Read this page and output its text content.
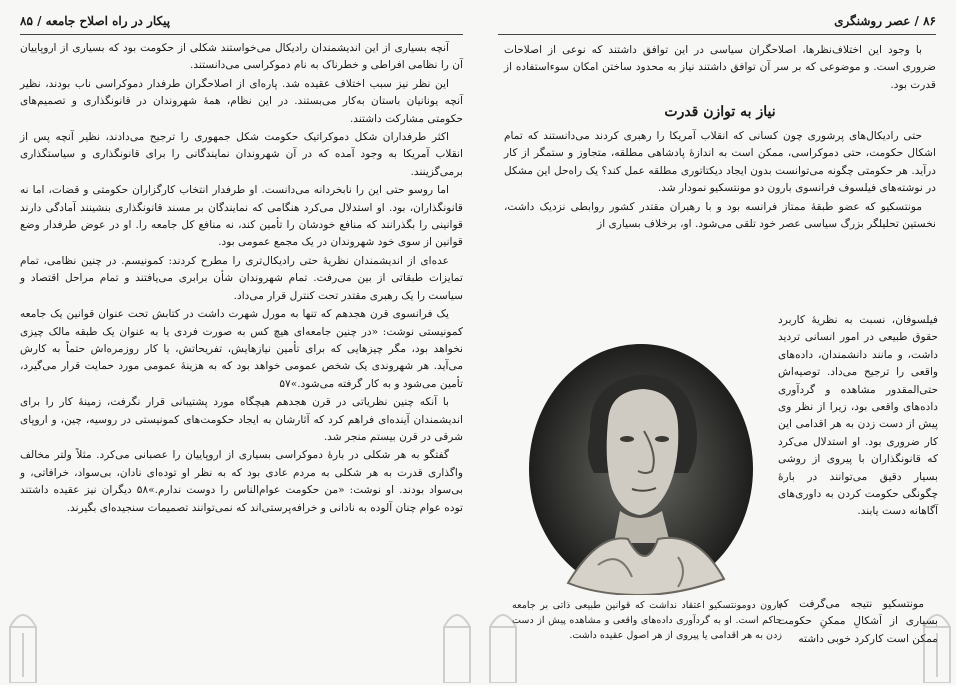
پیکار در راه اصلاح جامعه / ۸۵

آنچه بسیاری از این اندیشمندان رادیکال می‌خواستند شکلی از حکومت بود که بسیاری از اروپاییان آن را نظامی افراطی و خطرناک به نام دموکراسی می‌دانستند.

این نظر نیز سبب اختلاف عقیده شد. پاره‌ای از اصلاحگران طرفدار دموکراسی ناب بودند، نظیر آنچه یونانیان باستان به‌کار می‌بستند. در این نظام، همهٔ شهروندان در قانونگذاری و تصمیم‌های حکومتی مشارکت داشتند.

اکثر طرفداران شکل دموکراتیک حکومت شکل جمهوری را ترجیح می‌دادند، نظیر آنچه پس از انقلاب آمریکا به وجود آمده که در آن شهروندان نمایندگانی را برای قانونگذاری و سیاستگذاری برمی‌گزینند.

اما روسو حتی این را نابخردانه می‌دانست. او طرفدار انتخاب کارگزاران حکومتی و قضات، اما نه قانونگذاران، بود. او استدلال می‌کرد هنگامی که نمایندگان بر مسند قانونگذاری بنشینند آمادگی دارند قوانینی را بگذرانند که منافع خودشان را تأمین کند، نه منافع کل جامعه را. او در عوض طرفدار وضع قوانین از سوی خود شهروندان در یک مجمع عمومی بود.

عده‌ای از اندیشمندان نظریهٔ حتی رادیکال‌تری را مطرح کردند: کمونیسم. در چنین نظامی، تمام تمایزات طبقاتی از بین می‌رفت. تمام شهروندان شأن برابری می‌یافتند و تمام مراحل اقتصاد و سیاست را یک رهبری مقتدر تحت کنترل قرار می‌داد.

یک فرانسوی قرن هجدهم که تنها به مورل شهرت داشت در کتابش تحت عنوان قوانین یک جامعه کمونیستی نوشت: «در چنین جامعه‌ای هیچ کس به صورت فردی یا به عنوان یک طبقه مالک چیزی نخواهد بود، مگر چیزهایی که برای تأمین نیازهایش، تفریحاتش، یا کار روزمره‌اش حتماً به کارش می‌آید. هر شهروندی یک شخص عمومی خواهد بود که به هزینهٔ عمومی مورد حمایت قرار می‌گیرد، تأمین می‌شود و به کار گرفته می‌شود.»۵۷

با آنکه چنین نظریاتی در قرن هجدهم هیچگاه مورد پشتیبانی قرار نگرفت، زمینهٔ کار را برای اندیشمندان آینده‌ای فراهم کرد که آثارشان به ایجاد حکومت‌های کمونیستی در روسیه، چین، و اروپای شرقی در قرن بیستم منجر شد.

گفتگو به هر شکلی در بارهٔ دموکراسی بسیاری از اروپاییان را عصبانی می‌کرد. مثلاً ولتر مخالف واگذاری قدرت به هر شکلی به مردم عادی بود که به نظر او توده‌ای نادان، بی‌سواد، خرافاتی، و بی‌سواد بودند. او نوشت: «من حکومت عوام‌الناس را دوست ندارم.»۵۸ دیگران نیز عقیده داشتند توده عوام چنان آلوده به نادانی و خرافه‌پرستی‌اند که نمی‌توانند تصمیمات سنجیده‌ای بگیرند.

۸۶ / عصر روشنگری

با وجود این اختلاف‌نظرها، اصلاحگران سیاسی در این توافق داشتند که نوعی از اصلاحات ضروری است. و موضوعی که بر سر آن توافق داشتند نیاز به محدود ساختن امکان سوءاستفاده از قدرت بود.

نیاز به توازن قدرت

حتی رادیکال‌های پرشوری چون کسانی که انقلاب آمریکا را رهبری کردند می‌دانستند که تمام اشکال حکومت، حتی دموکراسی، ممکن است به اندازهٔ پادشاهی مطلقه، متجاوز و ستمگر از کار درآید. هر حکومتی چگونه می‌توانست بدون ایجاد دیکتاتوری مطلقه عمل کند؟ یک راه‌حل این مشکل در نوشته‌های فیلسوف فرانسوی بارون دو مونتسکیو نمودار شد.

مونتسکیو که عضو طبقهٔ ممتاز فرانسه بود و با رهبران مقتدر کشور روابطی نزدیک داشت، نخستین تحلیلگر بزرگ سیاسی عصر خود تلقی می‌شود. او، برخلاف بسیاری از

فیلسوفان، نسبت به نظریهٔ کاربرد حقوق طبیعی در امور انسانی تردید داشت، و مانند دانشمندان، داده‌های واقعی را ترجیح می‌داد. توصیه‌اش حتی‌المقدور مشاهده و گردآوری داده‌های واقعی بود، زیرا از نظر وی پیش از دست زدن به هر اقدامی این کار ضروری بود. او استدلال می‌کرد که قانونگذاران با پیروی از روشی بسیار دقیق می‌توانند در بارهٔ چگونگی حکومت کردن به داوری‌های آگاهانه دست یابند.

مونتسکیو نتیجه می‌گرفت که بسیاری از اَشکالِ ممکنِ حکومت ممکن است کارکرد خوبی داشته

بارون دومونتسکیو اعتقاد نداشت که قوانین طبیعی ذاتی بر جامعه حاکم است. او به گردآوری داده‌های واقعی و مشاهده پیش از دست زدن به هر اقدامی یا پیروی از هر اصول عقیده داشت.
